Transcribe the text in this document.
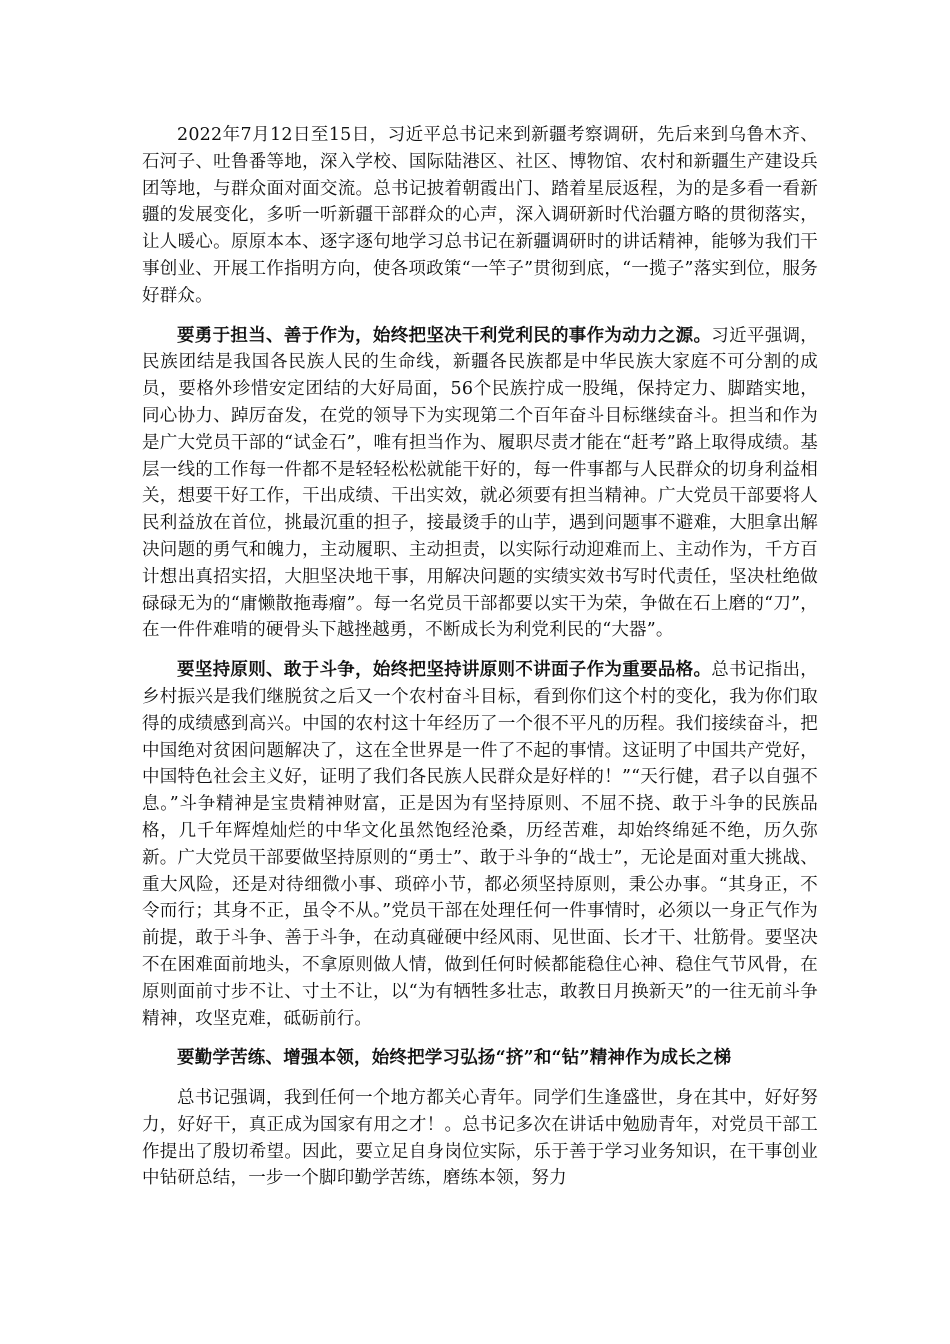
2022年7月12日至15日，习近平总书记来到新疆考察调研，先后来到乌鲁木齐、石河子、吐鲁番等地，深入学校、国际陆港区、社区、博物馆、农村和新疆生产建设兵团等地，与群众面对面交流。总书记披着朝霞出门、踏着星辰返程，为的是多看一看新疆的发展变化，多听一听新疆干部群众的心声，深入调研新时代治疆方略的贯彻落实，让人暖心。原原本本、逐字逐句地学习总书记在新疆调研时的讲话精神，能够为我们干事创业、开展工作指明方向，使各项政策“一竿子”贯彻到底，“一揽子”落实到位，服务好群众。

要勇于担当、善于作为，始终把坚决干利党利民的事作为动力之源。习近平强调，民族团结是我国各民族人民的生命线，新疆各民族都是中华民族大家庭不可分割的成员，要格外珍惜安定团结的大好局面，56个民族拧成一股绳，保持定力、脚踏实地，同心协力、踔厉奋发，在党的领导下为实现第二个百年奋斗目标继续奋斗。担当和作为是广大党员干部的“试金石”，唯有担当作为、履职尽责才能在“赶考”路上取得成绩。基层一线的工作每一件都不是轻轻松松就能干好的，每一件事都与人民群众的切身利益相关，想要干好工作，干出成绩、干出实效，就必须要有担当精神。广大党员干部要将人民利益放在首位，挑最沉重的担子，接最烫手的山芋，遇到问题事不避难，大胆拿出解决问题的勇气和魄力，主动履职、主动担责，以实际行动迎难而上、主动作为，千方百计想出真招实招，大胆坚决地干事，用解决问题的实绩实效书写时代责任，坚决杜绝做碌碌无为的“庸懒散拖毒瘤”。每一名党员干部都要以实干为荣，争做在石上磨的“刀”，在一件件难啃的硬骨头下越挫越勇，不断成长为利党利民的“大器”。

要坚持原则、敢于斗争，始终把坚持讲原则不讲面子作为重要品格。总书记指出，乡村振兴是我们继脱贫之后又一个农村奋斗目标，看到你们这个村的变化，我为你们取得的成绩感到高兴。中国的农村这十年经历了一个很不平凡的历程。我们接续奋斗，把中国绝对贫困问题解决了，这在全世界是一件了不起的事情。这证明了中国共产党好，中国特色社会主义好，证明了我们各民族人民群众是好样的！”“天行健，君子以自强不息。”斗争精神是宝贵精神财富，正是因为有坚持原则、不屈不挠、敢于斗争的民族品格，几千年辉煌灿烂的中华文化虽然饱经沧桑，历经苦难，却始终绵延不绝，历久弥新。广大党员干部要做坚持原则的“勇士”、敢于斗争的“战士”，无论是面对重大挑战、重大风险，还是对待细微小事、琐碎小节，都必须坚持原则，秉公办事。“其身正，不令而行；其身不正，虽令不从。”党员干部在处理任何一件事情时，必须以一身正气作为前提，敢于斗争、善于斗争，在动真碰硬中经风雨、见世面、长才干、壮筋骨。要坚决不在困难面前地头，不拿原则做人情，做到任何时候都能稳住心神、稳住气节风骨，在原则面前寸步不让、寸土不让，以“为有牺牲多壮志，敢教日月换新天”的一往无前斗争精神，攻坚克难，砥砺前行。

要勤学苦练、增强本领，始终把学习弘扬“挤”和“钻”精神作为成长之梯

总书记强调，我到任何一个地方都关心青年。同学们生逢盛世，身在其中，好好努力，好好干，真正成为国家有用之才！。总书记多次在讲话中勉励青年，对党员干部工作提出了殷切希望。因此，要立足自身岗位实际，乐于善于学习业务知识，在干事创业中钻研总结，一步一个脚印勤学苦练，磨练本领，努力
